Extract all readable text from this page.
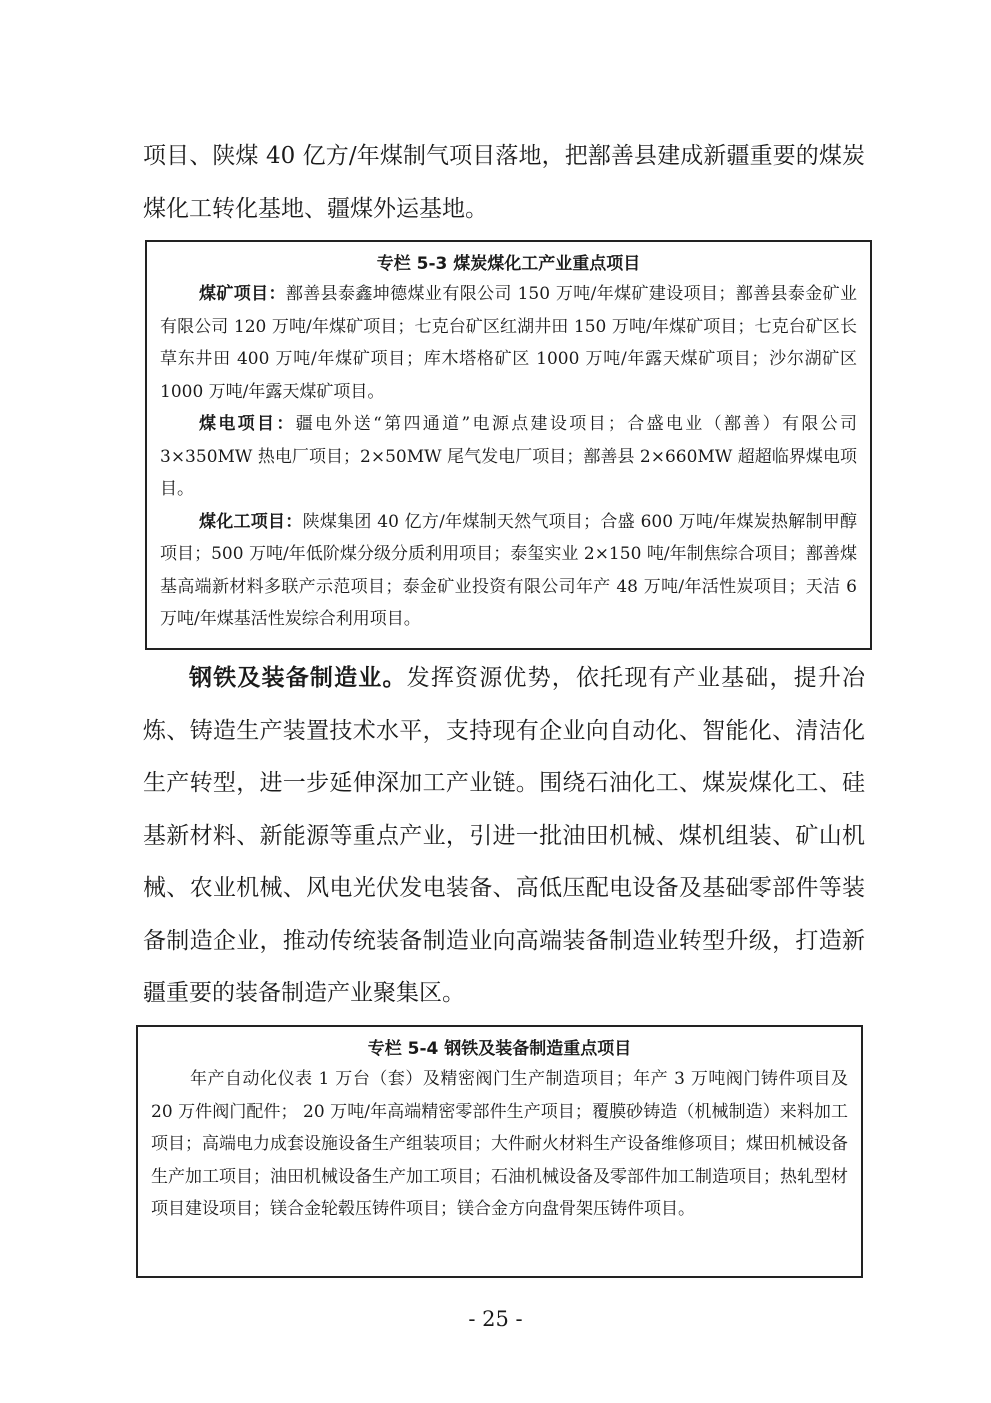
项目、陕煤 40 亿方/年煤制气项目落地，把鄯善县建成新疆重要的煤炭煤化工转化基地、疆煤外运基地。

专栏 5-3 煤炭煤化工产业重点项目

煤矿项目：鄯善县泰鑫坤德煤业有限公司 150 万吨/年煤矿建设项目；鄯善县泰金矿业有限公司 120 万吨/年煤矿项目；七克台矿区红湖井田 150 万吨/年煤矿项目；七克台矿区长草东井田 400 万吨/年煤矿项目；库木塔格矿区 1000 万吨/年露天煤矿项目；沙尔湖矿区 1000 万吨/年露天煤矿项目。

煤电项目：疆电外送“第四通道”电源点建设项目；合盛电业（鄯善）有限公司 3×350MW 热电厂项目；2×50MW 尾气发电厂项目；鄯善县 2×660MW 超超临界煤电项目。

煤化工项目：陕煤集团 40 亿方/年煤制天然气项目；合盛 600 万吨/年煤炭热解制甲醇项目；500 万吨/年低阶煤分级分质利用项目；泰玺实业 2×150 吨/年制焦综合项目；鄯善煤基高端新材料多联产示范项目；泰金矿业投资有限公司年产 48 万吨/年活性炭项目；天洁 6 万吨/年煤基活性炭综合利用项目。

钢铁及装备制造业。发挥资源优势，依托现有产业基础，提升冶炼、铸造生产装置技术水平，支持现有企业向自动化、智能化、清洁化生产转型，进一步延伸深加工产业链。围绕石油化工、煤炭煤化工、硅基新材料、新能源等重点产业，引进一批油田机械、煤机组装、矿山机械、农业机械、风电光伏发电装备、高低压配电设备及基础零部件等装备制造企业，推动传统装备制造业向高端装备制造业转型升级，打造新疆重要的装备制造产业聚集区。

专栏 5-4 钢铁及装备制造重点项目

年产自动化仪表 1 万台（套）及精密阀门生产制造项目；年产 3 万吨阀门铸件项目及 20 万件阀门配件； 20 万吨/年高端精密零部件生产项目；覆膜砂铸造（机械制造）来料加工项目；高端电力成套设施设备生产组装项目；大件耐火材料生产设备维修项目；煤田机械设备生产加工项目；油田机械设备生产加工项目；石油机械设备及零部件加工制造项目；热轧型材项目建设项目；镁合金轮毂压铸件项目；镁合金方向盘骨架压铸件项目。

- 25 -
